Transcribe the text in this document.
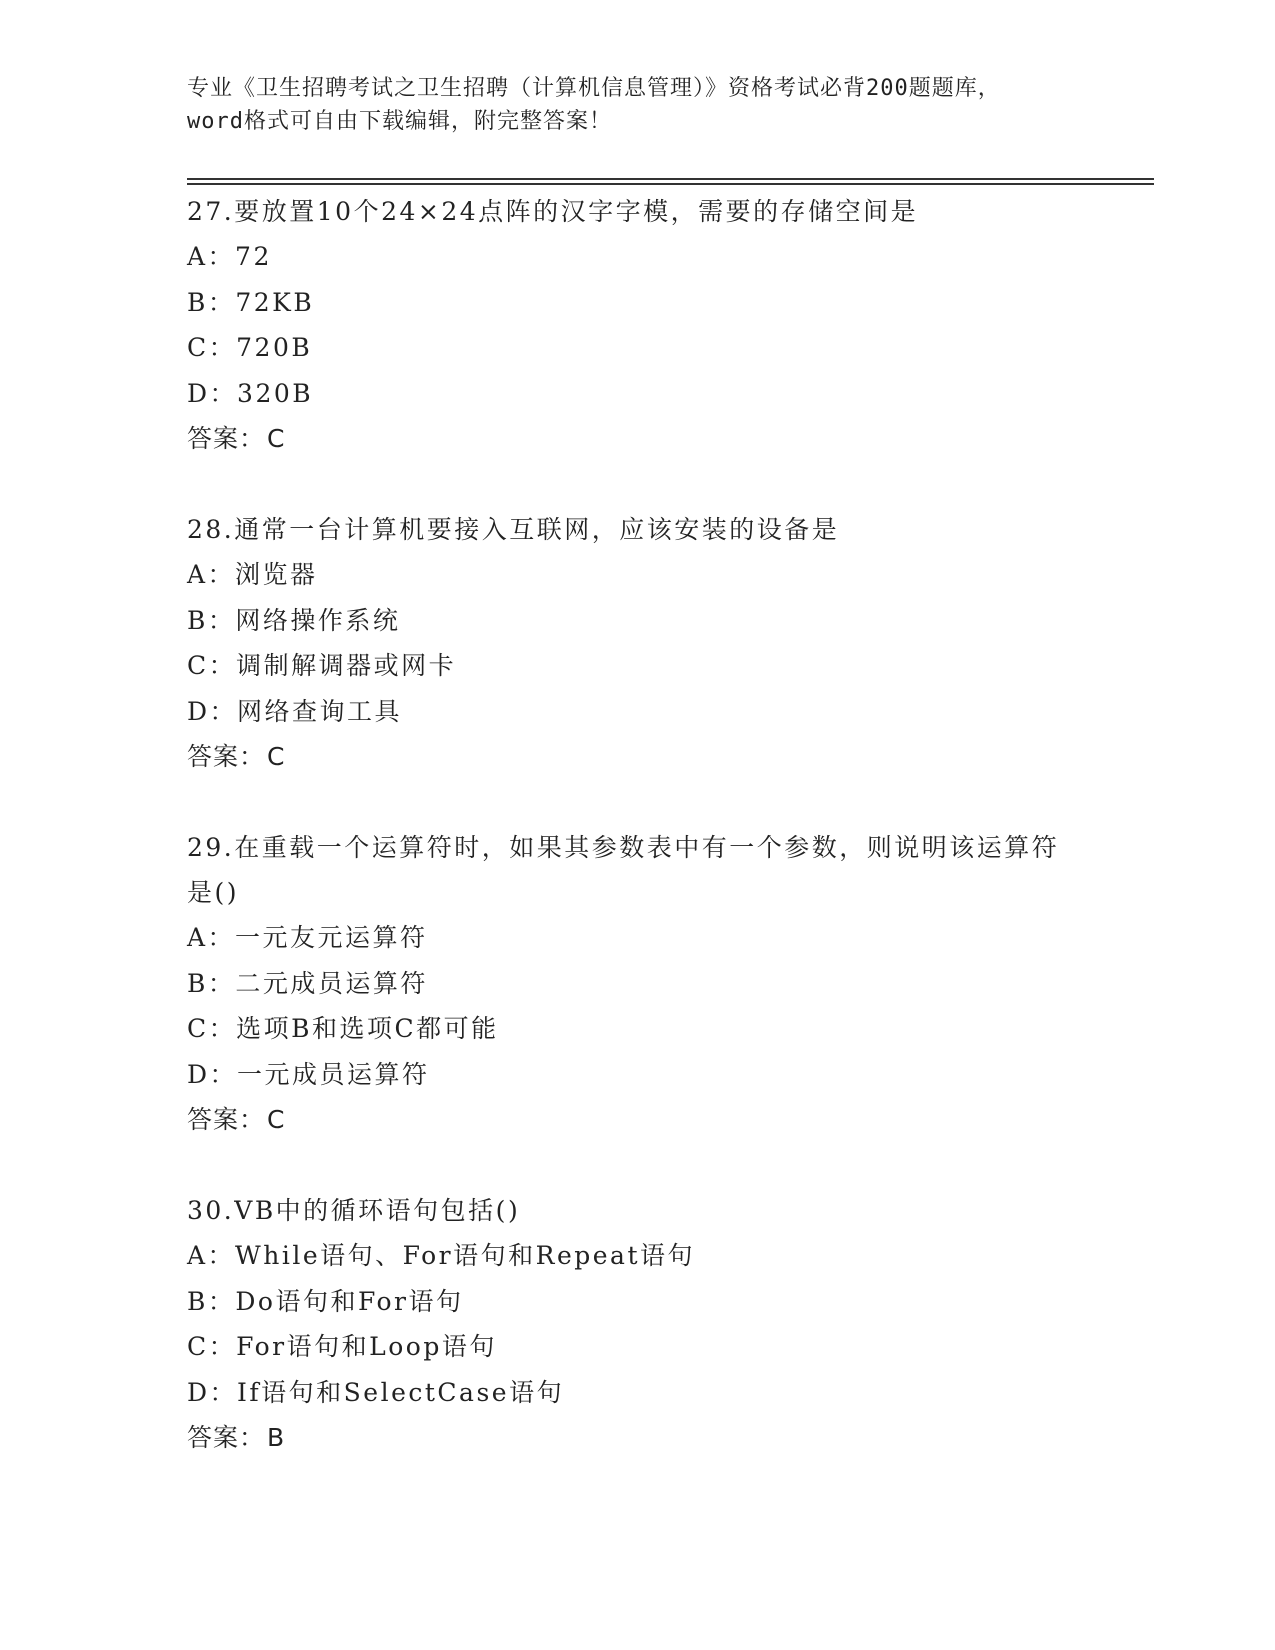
专业《卫生招聘考试之卫生招聘（计算机信息管理）》资格考试必背200题题库，
word格式可自由下载编辑，附完整答案！
27.要放置10个24×24点阵的汉字字模，需要的存储空间是
A：72
B：72KB
C：720B
D：320B
答案：C
28.通常一台计算机要接入互联网，应该安装的设备是
A：浏览器
B：网络操作系统
C：调制解调器或网卡
D：网络查询工具
答案：C
29.在重载一个运算符时，如果其参数表中有一个参数，则说明该运算符是()
A：一元友元运算符
B：二元成员运算符
C：选项B和选项C都可能
D：一元成员运算符
答案：C
30.VB中的循环语句包括()
A：While语句、For语句和Repeat语句
B：Do语句和For语句
C：For语句和Loop语句
D：If语句和SelectCase语句
答案：B
